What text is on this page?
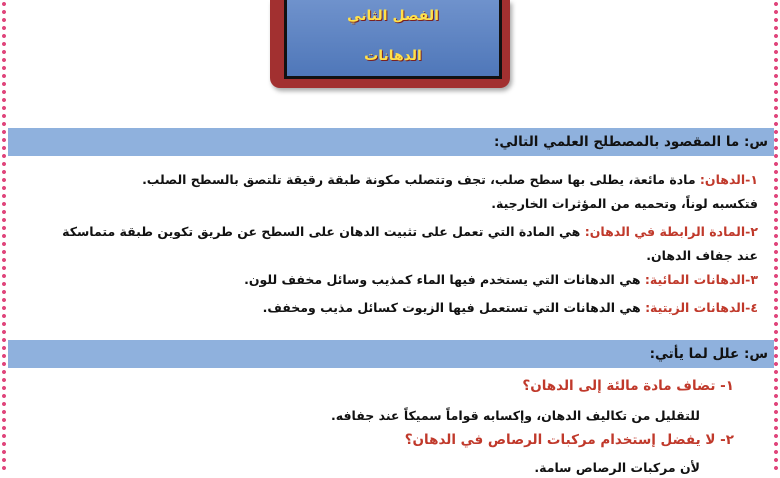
الفصل الثاني
الدهانات
س: ما المقصود بالمصطلح العلمي التالي:
١-الدهان: مادة مائعة، يطلى بها سطح صلب، تجف وتتصلب مكونة طبقة رقيقة تلتصق بالسطح الصلب.
فتكسبه لوناً، وتحميه من المؤثرات الخارجية.
٢-المادة الرابطة في الدهان: هي المادة التي تعمل على تثبيت الدهان على السطح عن طريق تكوين طبقة متماسكة
عند جفاف الدهان.
٣-الدهانات المائية: هي الدهانات التي يستخدم فيها الماء كمذيب وسائل مخفف للون.
٤-الدهانات الزيتية: هي الدهانات التي تستعمل فيها الزيوت كسائل مذيب ومخفف.
س: علل لما يأتي:
١- تضاف مادة مالئة إلى الدهان؟
للتقليل من تكاليف الدهان، وإكسابه قواماً سميكاً عند جفافه.
٢- لا يفضل إستخدام مركبات الرصاص في الدهان؟
لأن مركبات الرصاص سامة.
